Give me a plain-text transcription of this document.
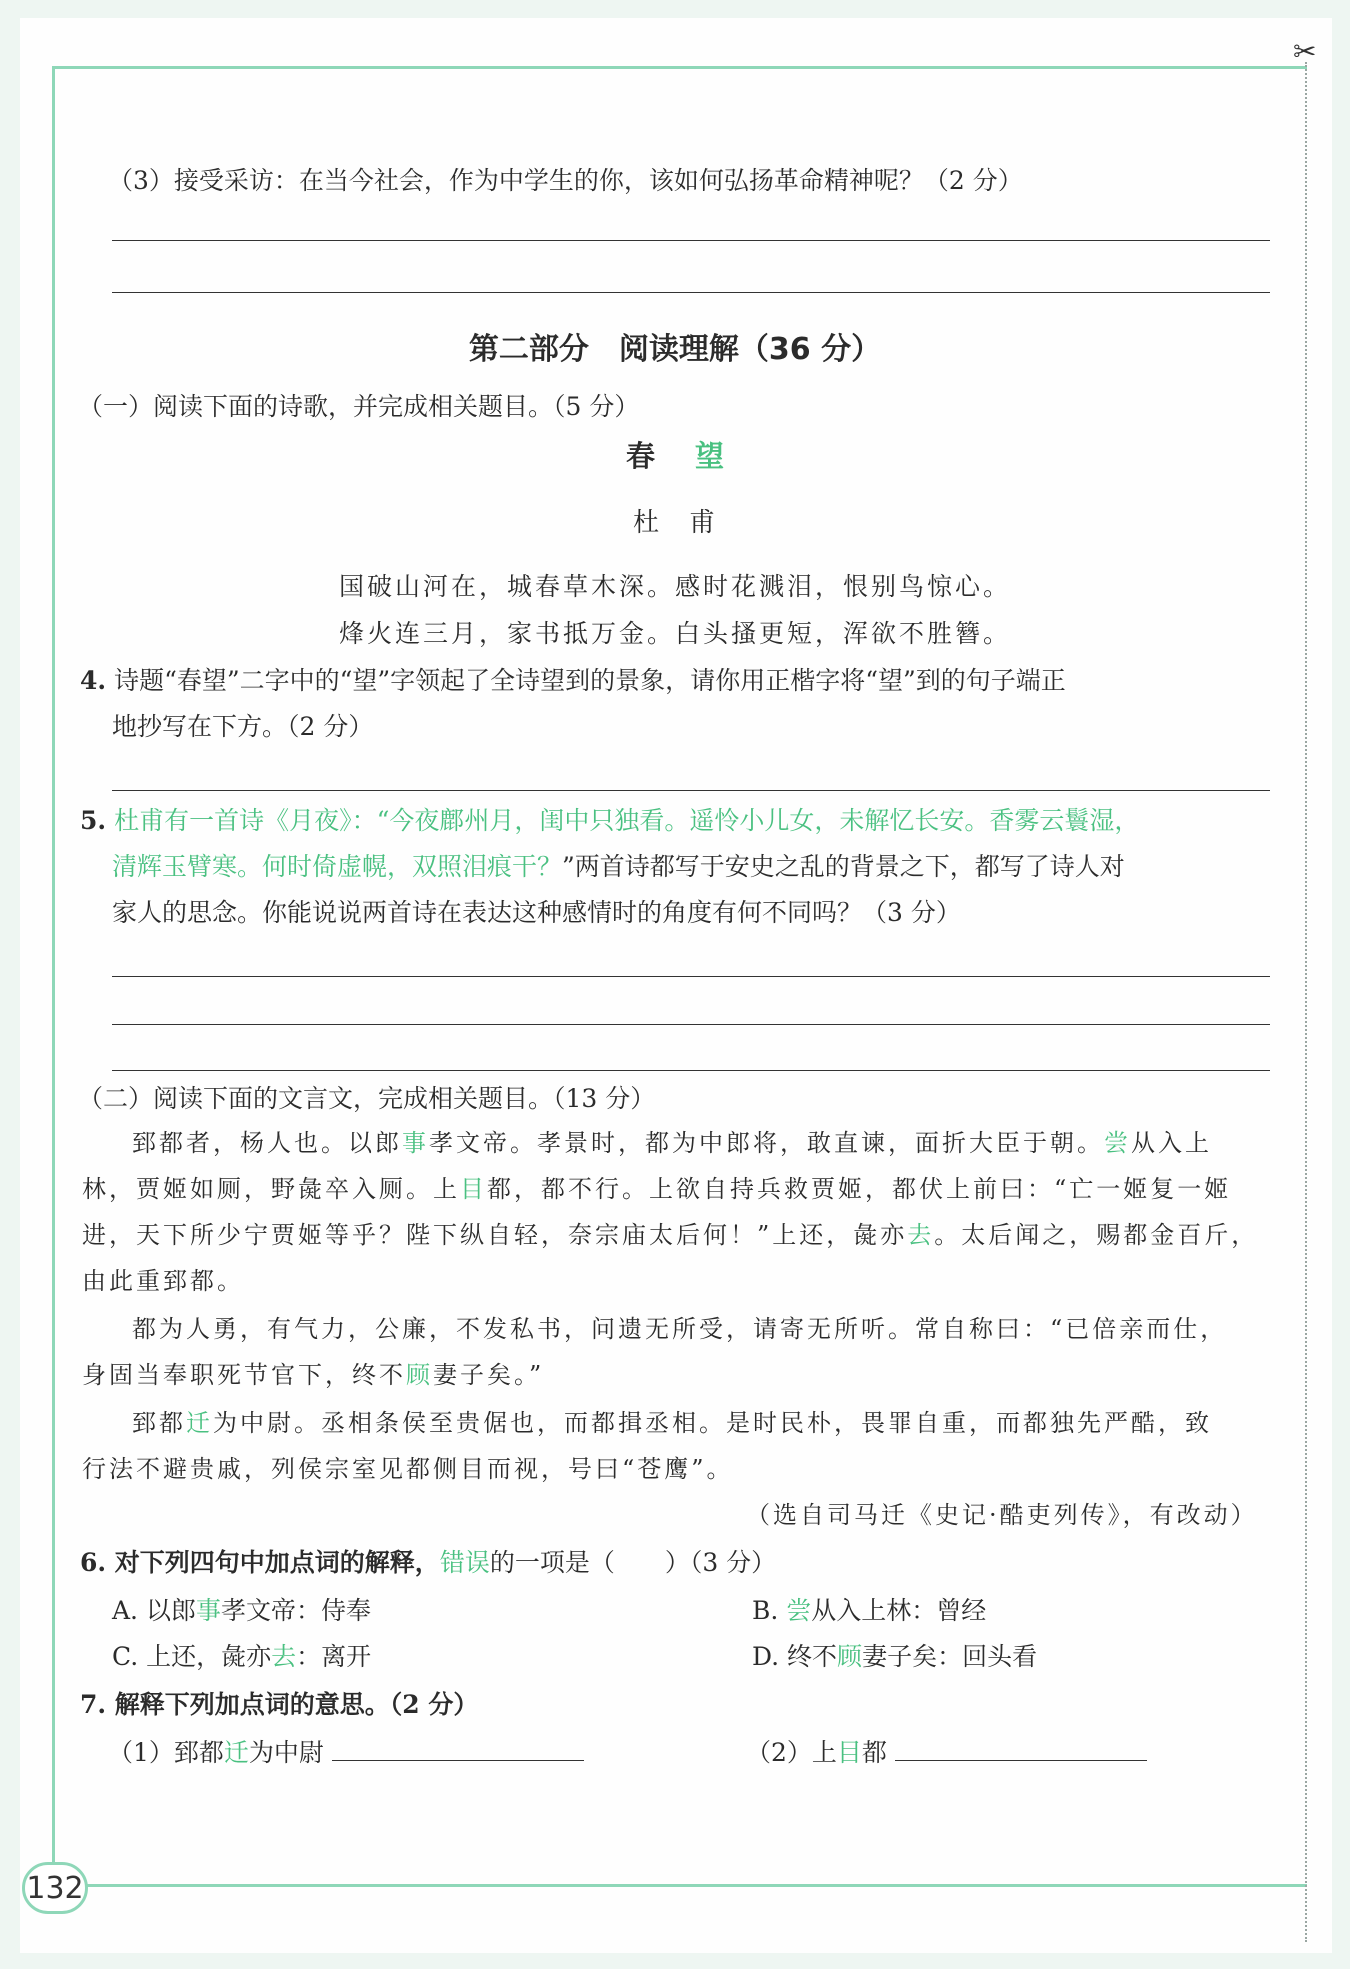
✂
132
（3）接受采访：在当今社会，作为中学生的你，该如何弘扬革命精神呢？（2 分）
第二部分　阅读理解（36 分）
（一）阅读下面的诗歌，并完成相关题目。（5 分）
春 望
杜　甫
国破山河在，城春草木深。感时花溅泪，恨别鸟惊心。
烽火连三月，家书抵万金。白头搔更短，浑欲不胜簪。
4. 诗题“春望”二字中的“望”字领起了全诗望到的景象，请你用正楷字将“望”到的句子端正
地抄写在下方。（2 分）
5. 杜甫有一首诗《月夜》：“今夜鄜州月，闺中只独看。遥怜小儿女，未解忆长安。香雾云鬟湿，
清辉玉臂寒。何时倚虚幌，双照泪痕干？”两首诗都写于安史之乱的背景之下，都写了诗人对
家人的思念。你能说说两首诗在表达这种感情时的角度有何不同吗？（3 分）
（二）阅读下面的文言文，完成相关题目。（13 分）
郅都者，杨人也。以郎事孝文帝。孝景时，都为中郎将，敢直谏，面折大臣于朝。尝从入上
林，贾姬如厕，野彘卒入厕。上目都，都不行。上欲自持兵救贾姬，都伏上前曰：“亡一姬复一姬
进，天下所少宁贾姬等乎？陛下纵自轻，奈宗庙太后何！”上还，彘亦去。太后闻之，赐都金百斤，
由此重郅都。
都为人勇，有气力，公廉，不发私书，问遗无所受，请寄无所听。常自称曰：“已倍亲而仕，
身固当奉职死节官下，终不顾妻子矣。”
郅都迁为中尉。丞相条侯至贵倨也，而都揖丞相。是时民朴，畏罪自重，而都独先严酷，致
行法不避贵戚，列侯宗室见都侧目而视，号曰“苍鹰”。
（选自司马迁《史记·酷吏列传》，有改动）
6. 对下列四句中加点词的解释，错误的一项是（　　）（3 分）
A. 以郎事孝文帝：侍奉	B. 尝从入上林：曾经
C. 上还，彘亦去：离开	D. 终不顾妻子矣：回头看
7. 解释下列加点词的意思。（2 分）
（1）郅都迁为中尉	（2）上目都
